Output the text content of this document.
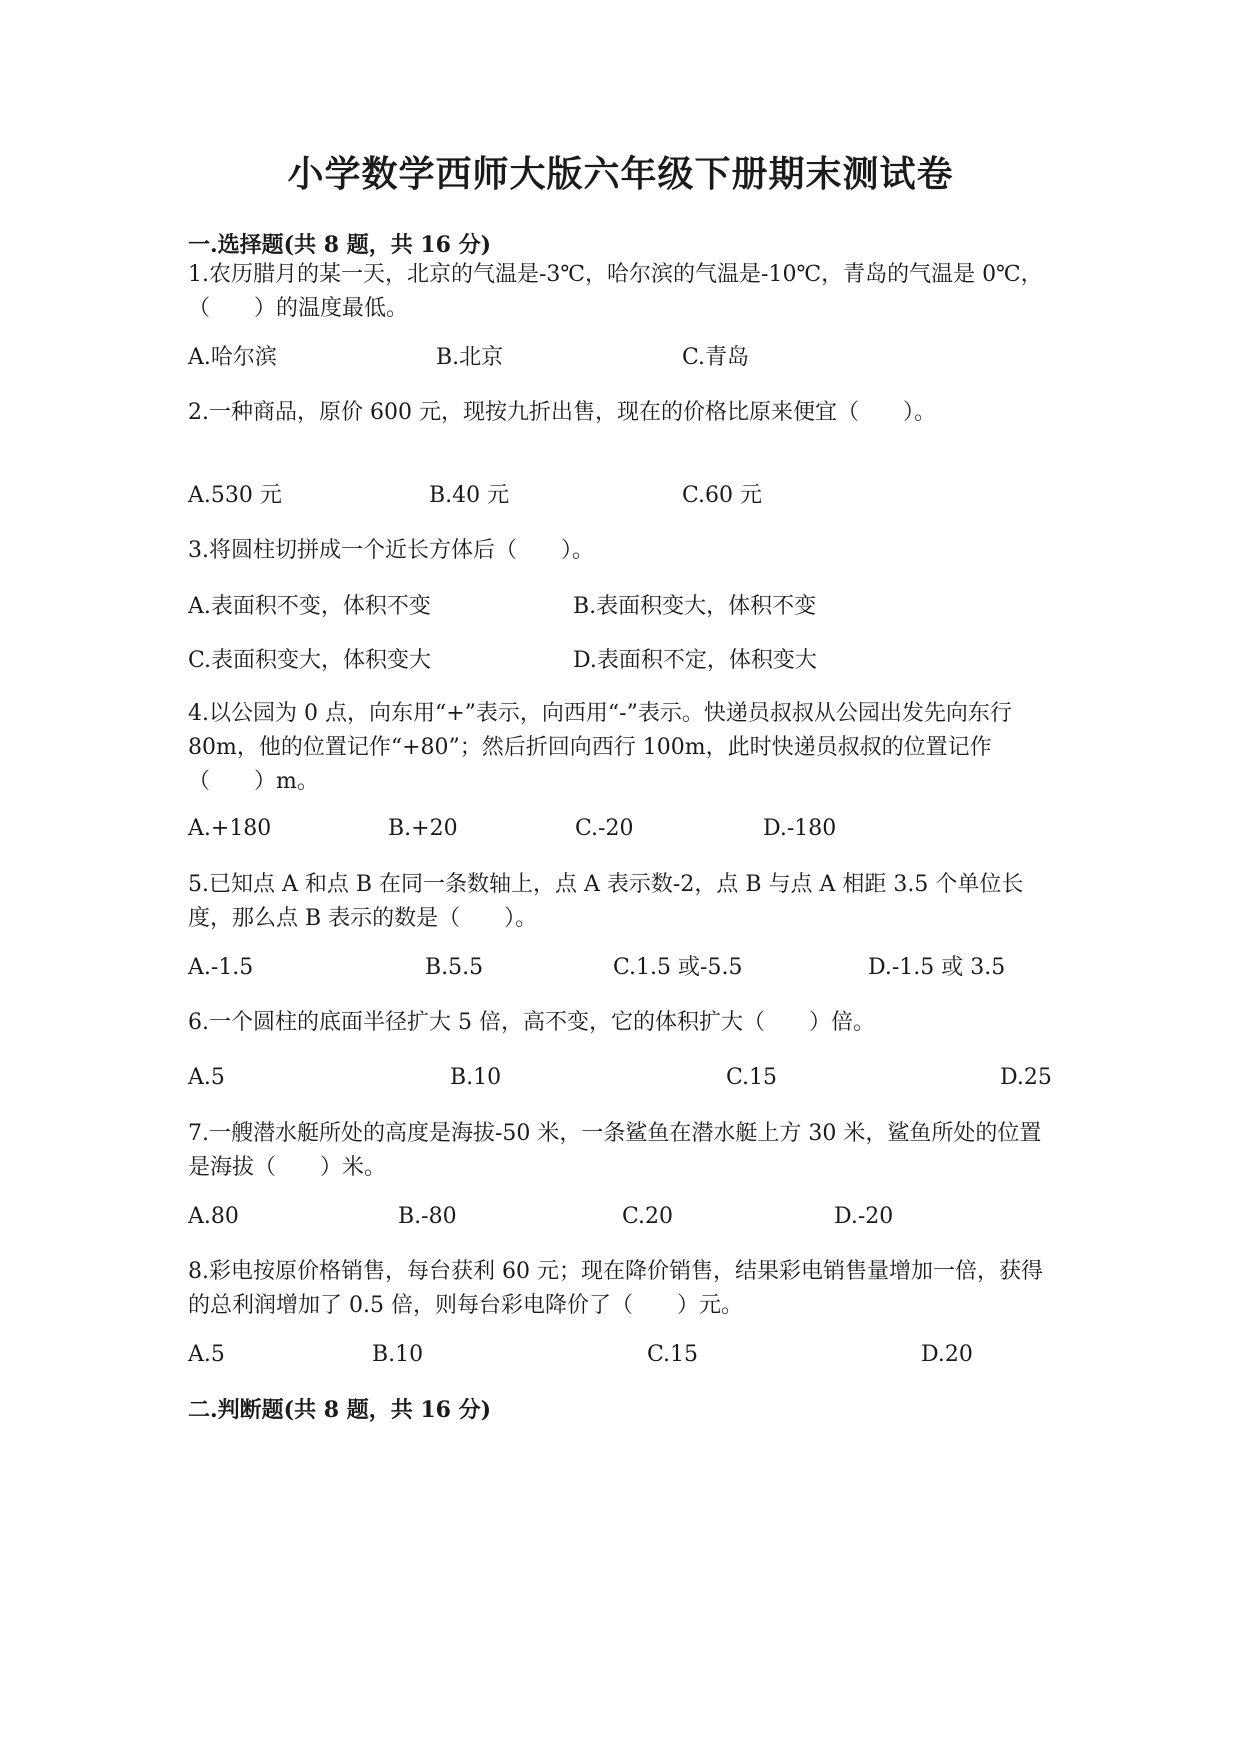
小学数学西师大版六年级下册期末测试卷
一.选择题(共 8 题，共 16 分)
1.农历腊月的某一天，北京的气温是-3℃，哈尔滨的气温是-10℃，青岛的气温是 0℃，（　　）的温度最低。
A.哈尔滨	B.北京	C.青岛
2.一种商品，原价 600 元，现按九折出售，现在的价格比原来便宜（　　）。
A.530 元	B.40 元	C.60 元
3.将圆柱切拼成一个近长方体后（　　）。
A.表面积不变，体积不变	B.表面积变大，体积不变
C.表面积变大，体积变大	D.表面积不定，体积变大
4.以公园为 0 点，向东用“+”表示，向西用“-”表示。快递员叔叔从公园出发先向东行 80m，他的位置记作“+80”；然后折回向西行 100m，此时快递员叔叔的位置记作（　　）m。
A.+180	B.+20	C.-20	D.-180
5.已知点 A 和点 B 在同一条数轴上，点 A 表示数-2，点 B 与点 A 相距 3.5 个单位长度，那么点 B 表示的数是（　　）。
A.-1.5	B.5.5	C.1.5 或-5.5	D.-1.5 或 3.5
6.一个圆柱的底面半径扩大 5 倍，高不变，它的体积扩大（　　）倍。
A.5	B.10	C.15	D.25
7.一艘潜水艇所处的高度是海拔-50 米，一条鲨鱼在潜水艇上方 30 米，鲨鱼所处的位置是海拔（　　）米。
A.80	B.-80	C.20	D.-20
8.彩电按原价格销售，每台获利 60 元；现在降价销售，结果彩电销售量增加一倍，获得的总利润增加了 0.5 倍，则每台彩电降价了（　　）元。
A.5	B.10	C.15	D.20
二.判断题(共 8 题，共 16 分)
